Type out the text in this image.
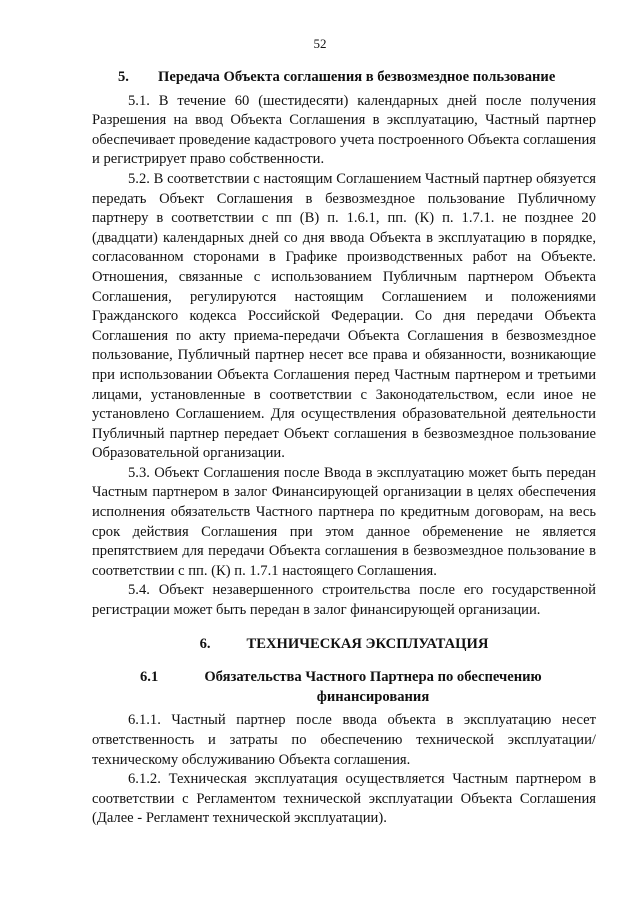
52
5.	Передача Объекта соглашения в безвозмездное пользование

5.1. В течение 60 (шестидесяти) календарных дней после получения Разрешения на ввод Объекта Соглашения в эксплуатацию, Частный партнер обеспечивает проведение кадастрового учета построенного Объекта соглашения и регистрирует право собственности.

5.2. В соответствии с настоящим Соглашением Частный партнер обязуется передать Объект Соглашения в безвозмездное пользование Публичному партнеру в соответствии с пп (В) п. 1.6.1, пп. (К) п. 1.7.1. не позднее 20 (двадцати) календарных дней со дня ввода Объекта в эксплуатацию в порядке, согласованном сторонами в Графике производственных работ на Объекте. Отношения, связанные с использованием Публичным партнером Объекта Соглашения, регулируются настоящим Соглашением и положениями Гражданского кодекса Российской Федерации. Со дня передачи Объекта Соглашения по акту приема-передачи Объекта Соглашения в безвозмездное пользование, Публичный партнер несет все права и обязанности, возникающие при использовании Объекта Соглашения перед Частным партнером и третьими лицами, установленные в соответствии с Законодательством, если иное не установлено Соглашением. Для осуществления образовательной деятельности Публичный партнер передает Объект соглашения в безвозмездное пользование Образовательной организации.

5.3. Объект Соглашения после Ввода в эксплуатацию может быть передан Частным партнером в залог Финансирующей организации в целях обеспечения исполнения обязательств Частного партнера по кредитным договорам, на весь срок действия Соглашения при этом данное обременение не является препятствием для передачи Объекта соглашения в безвозмездное пользование в соответствии с пп. (К) п. 1.7.1 настоящего Соглашения.

5.4. Объект незавершенного строительства после его государственной регистрации может быть передан в залог финансирующей организации.

6. ТЕХНИЧЕСКАЯ ЭКСПЛУАТАЦИЯ
6.1	Обязательства Частного Партнера по обеспечению финансирования

6.1.1. Частный партнер после ввода объекта в эксплуатацию несет ответственность и затраты по обеспечению технической эксплуатации/техническому обслуживанию Объекта соглашения.

6.1.2. Техническая эксплуатация осуществляется Частным партнером в соответствии с Регламентом технической эксплуатации Объекта Соглашения (Далее - Регламент технической эксплуатации).
